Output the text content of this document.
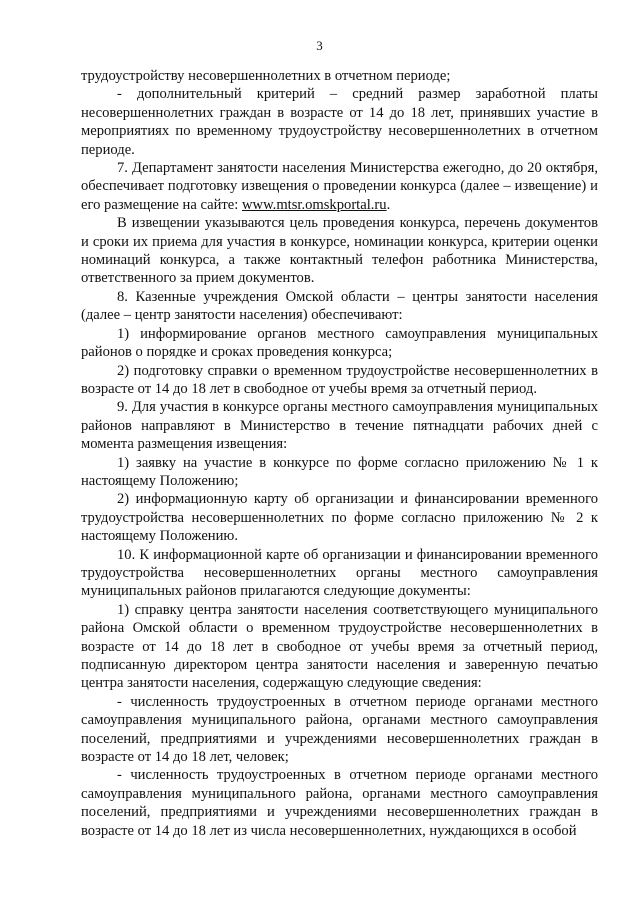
3

трудоустройству несовершеннолетних в отчетном периоде;

- дополнительный критерий – средний размер заработной платы несовершеннолетних граждан в возрасте от 14 до 18 лет, принявших участие в мероприятиях по временному трудоустройству несовершеннолетних в отчетном периоде.

7. Департамент занятости населения Министерства ежегодно, до 20 октября, обеспечивает подготовку извещения о проведении конкурса (далее – извещение) и его размещение на сайте: www.mtsr.omskportal.ru.

В извещении указываются цель проведения конкурса, перечень документов и сроки их приема для участия в конкурсе, номинации конкурса, критерии оценки номинаций конкурса, а также контактный телефон работника Министерства, ответственного за прием документов.

8. Казенные учреждения Омской области – центры занятости населения (далее – центр занятости населения) обеспечивают:

1) информирование органов местного самоуправления муниципальных районов о порядке и сроках проведения конкурса;

2) подготовку справки о временном трудоустройстве несовершеннолетних в возрасте от 14 до 18 лет в свободное от учебы время за отчетный период.

9. Для участия в конкурсе органы местного самоуправления муниципальных районов направляют в Министерство в течение пятнадцати рабочих дней с момента размещения извещения:

1) заявку на участие в конкурсе по форме согласно приложению № 1 к настоящему Положению;

2) информационную карту об организации и финансировании временного трудоустройства несовершеннолетних по форме согласно приложению № 2 к настоящему Положению.

10. К информационной карте об организации и финансировании временного трудоустройства несовершеннолетних органы местного самоуправления муниципальных районов прилагаются следующие документы:

1) справку центра занятости населения соответствующего муниципального района Омской области о временном трудоустройстве несовершеннолетних в возрасте от 14 до 18 лет в свободное от учебы время за отчетный период, подписанную директором центра занятости населения и заверенную печатью центра занятости населения, содержащую следующие сведения:

- численность трудоустроенных в отчетном периоде органами местного самоуправления муниципального района, органами местного самоуправления поселений, предприятиями и учреждениями несовершеннолетних граждан в возрасте от 14 до 18 лет, человек;

- численность трудоустроенных в отчетном периоде органами местного самоуправления муниципального района, органами местного самоуправления поселений, предприятиями и учреждениями несовершеннолетних граждан в возрасте от 14 до 18 лет из числа несовершеннолетних, нуждающихся в особой
